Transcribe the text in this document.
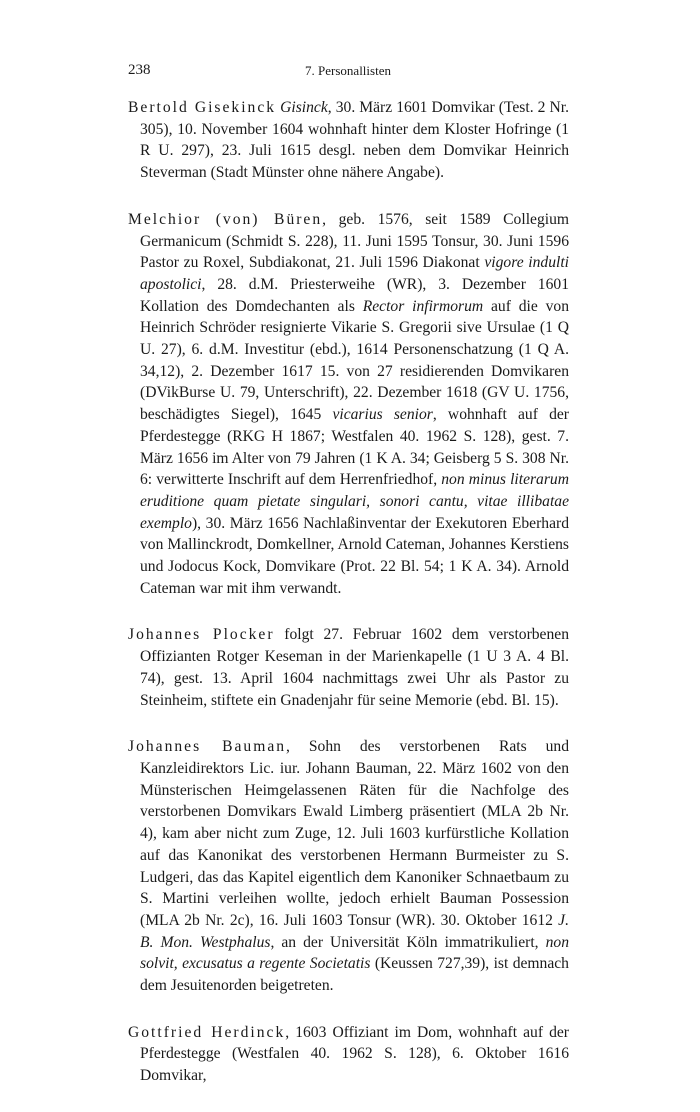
238	7. Personallisten

Bertold Gisekinck Gisinck, 30. März 1601 Domvikar (Test. 2 Nr. 305), 10. November 1604 wohnhaft hinter dem Kloster Hofringe (1 R U. 297), 23. Juli 1615 desgl. neben dem Domvikar Heinrich Steverman (Stadt Münster ohne nähere Angabe).

Melchior (von) Büren, geb. 1576, seit 1589 Collegium Germanicum (Schmidt S. 228), 11. Juni 1595 Tonsur, 30. Juni 1596 Pastor zu Roxel, Subdiakonat, 21. Juli 1596 Diakonat vigore indulti apostolici, 28. d.M. Priesterweihe (WR), 3. Dezember 1601 Kollation des Domdechanten als Rector infirmorum auf die von Heinrich Schröder resignierte Vikarie S. Gregorii sive Ursulae (1 Q U. 27), 6. d.M. Investitur (ebd.), 1614 Personenschatzung (1 Q A. 34,12), 2. Dezember 1617 15. von 27 residierenden Domvikaren (DVikBurse U. 79, Unterschrift), 22. Dezember 1618 (GV U. 1756, beschädigtes Siegel), 1645 vicarius senior, wohnhaft auf der Pferdestegge (RKG H 1867; Westfalen 40. 1962 S. 128), gest. 7. März 1656 im Alter von 79 Jahren (1 K A. 34; Geisberg 5 S. 308 Nr. 6: verwitterte Inschrift auf dem Herrenfriedhof, non minus literarum eruditione quam pietate singulari, sonori cantu, vitae illibatae exemplo), 30. März 1656 Nachlaßinventar der Exekutoren Eberhard von Mallinckrodt, Domkellner, Arnold Cateman, Johannes Kerstiens und Jodocus Kock, Domvikare (Prot. 22 Bl. 54; 1 K A. 34). Arnold Cateman war mit ihm verwandt.

Johannes Plocker folgt 27. Februar 1602 dem verstorbenen Offizianten Rotger Keseman in der Marienkapelle (1 U 3 A. 4 Bl. 74), gest. 13. April 1604 nachmittags zwei Uhr als Pastor zu Steinheim, stiftete ein Gnadenjahr für seine Memorie (ebd. Bl. 15).

Johannes Bauman, Sohn des verstorbenen Rats und Kanzleidirektors Lic. iur. Johann Bauman, 22. März 1602 von den Münsterischen Heimgelassenen Räten für die Nachfolge des verstorbenen Domvikars Ewald Limberg präsentiert (MLA 2b Nr. 4), kam aber nicht zum Zuge, 12. Juli 1603 kurfürstliche Kollation auf das Kanonikat des verstorbenen Hermann Burmeister zu S. Ludgeri, das das Kapitel eigentlich dem Kanoniker Schnaetbaum zu S. Martini verleihen wollte, jedoch erhielt Bauman Possession (MLA 2b Nr. 2c), 16. Juli 1603 Tonsur (WR). 30. Oktober 1612 J. B. Mon. Westphalus, an der Universität Köln immatrikuliert, non solvit, excusatus a regente Societatis (Keussen 727,39), ist demnach dem Jesuitenorden beigetreten.

Gottfried Herdinck, 1603 Offiziant im Dom, wohnhaft auf der Pferdestegge (Westfalen 40. 1962 S. 128), 6. Oktober 1616 Domvikar,
